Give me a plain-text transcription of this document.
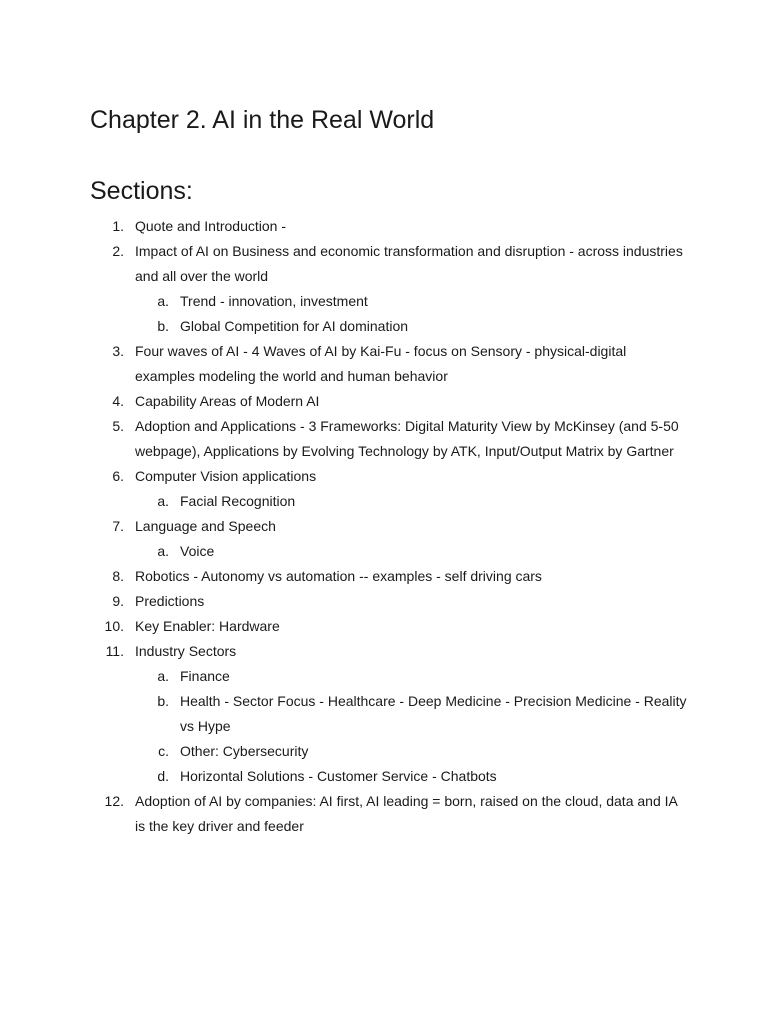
Chapter 2. AI in the Real World
Sections:
1. Quote and Introduction -
2. Impact of AI on Business and economic transformation and disruption - across industries and all over the world
a. Trend - innovation, investment
b. Global Competition for AI domination
3. Four waves of AI - 4 Waves of AI by Kai-Fu - focus on Sensory - physical-digital examples modeling the world and human behavior
4. Capability Areas of Modern AI
5. Adoption and Applications - 3 Frameworks: Digital Maturity View by McKinsey (and 5-50 webpage), Applications by Evolving Technology by ATK, Input/Output Matrix by Gartner
6. Computer Vision applications
a. Facial Recognition
7. Language and Speech
a. Voice
8. Robotics - Autonomy vs automation -- examples - self driving cars
9. Predictions
10. Key Enabler: Hardware
11. Industry Sectors
a. Finance
b. Health - Sector Focus - Healthcare - Deep Medicine - Precision Medicine - Reality vs Hype
c. Other: Cybersecurity
d. Horizontal Solutions - Customer Service - Chatbots
12. Adoption of AI by companies: AI first, AI leading = born, raised on the cloud, data and IA is the key driver and feeder
